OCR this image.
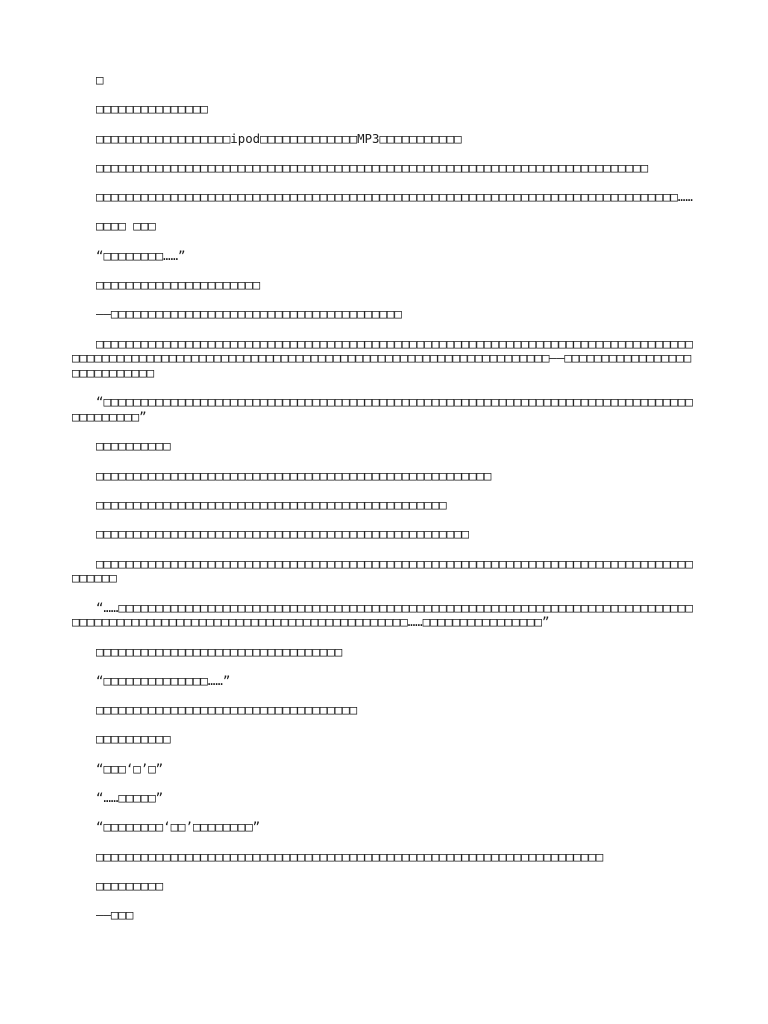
□

□□□□□□□□□□□□□□□

□□□□□□□□□□□□□□□□□□ipod□□□□□□□□□□□□□MP3□□□□□□□□□□□

□□□□□□□□□□□□□□□□□□□□□□□□□□□□□□□□□□□□□□□□□□□□□□□□□□□□□□□□□□□□□□□□□□□□□□□□□□

□□□□□□□□□□□□□□□□□□□□□□□□□□□□□□□□□□□□□□□□□□□□□□□□□□□□□□□□□□□□□□□□□□□□□□□□□□□□□□……

□□□□ □□□

“□□□□□□□□……”

□□□□□□□□□□□□□□□□□□□□□□

——□□□□□□□□□□□□□□□□□□□□□□□□□□□□□□□□□□□□□□□

□□□□□□□□□□□□□□□□□□□□□□□□□□□□□□□□□□□□□□□□□□□□□□□□□□□□□□□□□□□□□□□□□□□□□□□□□□□□□□□□□□□□□□□□□□□□□□□□□□□□□□□□□□□□□□□□□□□□□□□□□□□□□□□□□□□□□□□□□□□□□□□□——□□□□□□□□□□□□□□□□□□□□□□□□□□□□

“□□□□□□□□□□□□□□□□□□□□□□□□□□□□□□□□□□□□□□□□□□□□□□□□□□□□□□□□□□□□□□□□□□□□□□□□□□□□□□□□□□□□□□□□”

□□□□□□□□□□

□□□□□□□□□□□□□□□□□□□□□□□□□□□□□□□□□□□□□□□□□□□□□□□□□□□□□

□□□□□□□□□□□□□□□□□□□□□□□□□□□□□□□□□□□□□□□□□□□□□□□

□□□□□□□□□□□□□□□□□□□□□□□□□□□□□□□□□□□□□□□□□□□□□□□□□□

□□□□□□□□□□□□□□□□□□□□□□□□□□□□□□□□□□□□□□□□□□□□□□□□□□□□□□□□□□□□□□□□□□□□□□□□□□□□□□□□□□□□□□

“……□□□□□□□□□□□□□□□□□□□□□□□□□□□□□□□□□□□□□□□□□□□□□□□□□□□□□□□□□□□□□□□□□□□□□□□□□□□□□□□□□□□□□□□□□□□□□□□□□□□□□□□□□□□□□□□□□□□□□□□□□□……□□□□□□□□□□□□□□□□”

□□□□□□□□□□□□□□□□□□□□□□□□□□□□□□□□□

“□□□□□□□□□□□□□□……”

□□□□□□□□□□□□□□□□□□□□□□□□□□□□□□□□□□□

□□□□□□□□□□

“□□□‘□’□”

“……□□□□□”

“□□□□□□□□‘□□’□□□□□□□□”

□□□□□□□□□□□□□□□□□□□□□□□□□□□□□□□□□□□□□□□□□□□□□□□□□□□□□□□□□□□□□□□□□□□□

□□□□□□□□□

——□□□
